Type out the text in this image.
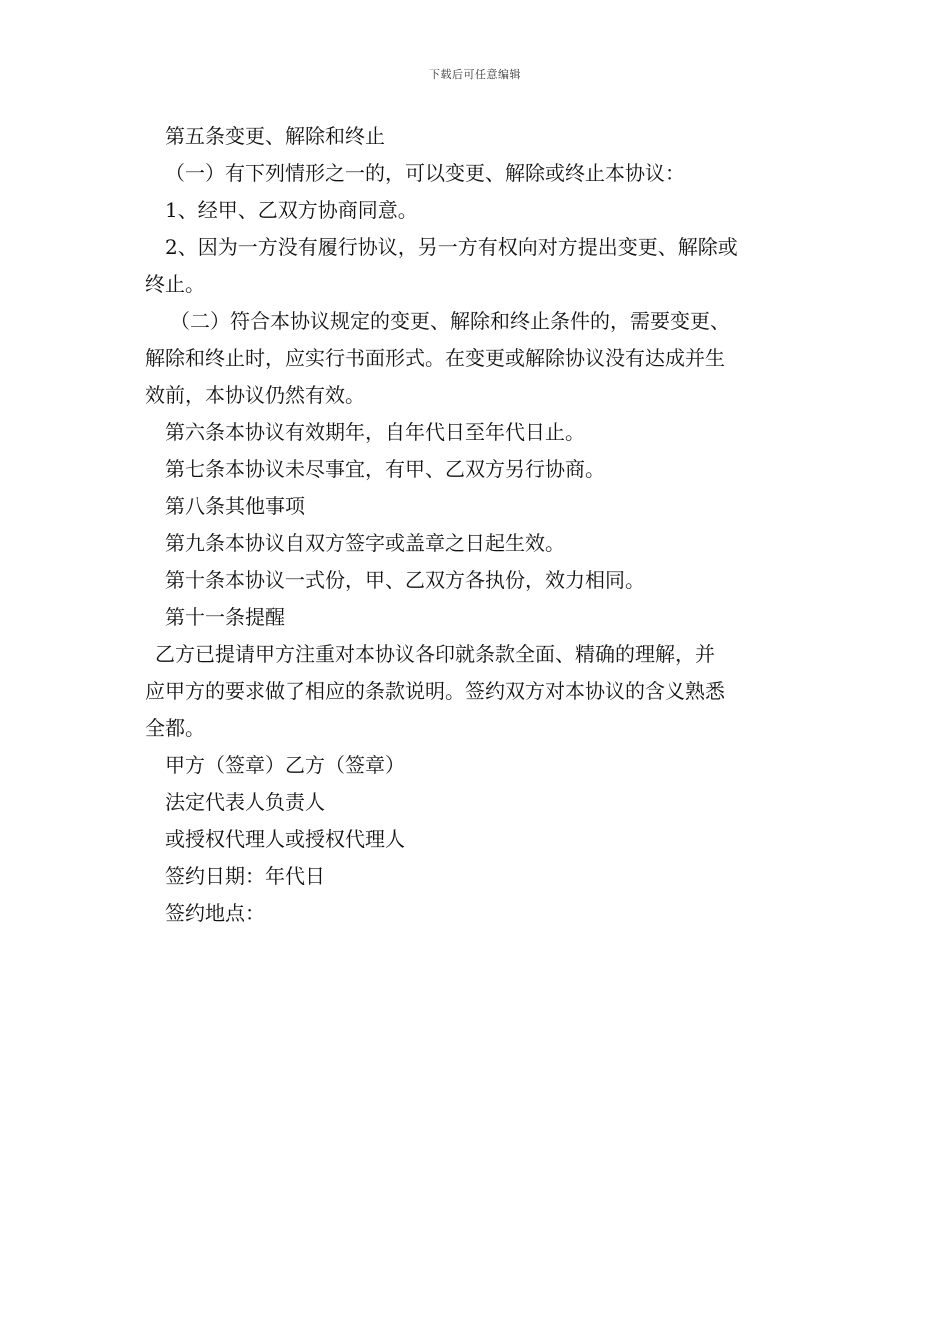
下载后可任意编辑

第五条变更、解除和终止

（一）有下列情形之一的，可以变更、解除或终止本协议：

1、经甲、乙双方协商同意。

2、因为一方没有履行协议，另一方有权向对方提出变更、解除或

终止。

（二）符合本协议规定的变更、解除和终止条件的，需要变更、

解除和终止时，应实行书面形式。在变更或解除协议没有达成并生

效前，本协议仍然有效。

第六条本协议有效期年，自年代日至年代日止。

第七条本协议未尽事宜，有甲、乙双方另行协商。

第八条其他事项

第九条本协议自双方签字或盖章之日起生效。

第十条本协议一式份，甲、乙双方各执份，效力相同。

第十一条提醒

乙方已提请甲方注重对本协议各印就条款全面、精确的理解，并

应甲方的要求做了相应的条款说明。签约双方对本协议的含义熟悉

全都。

甲方（签章）乙方（签章）

法定代表人负责人

或授权代理人或授权代理人

签约日期：年代日

签约地点：
